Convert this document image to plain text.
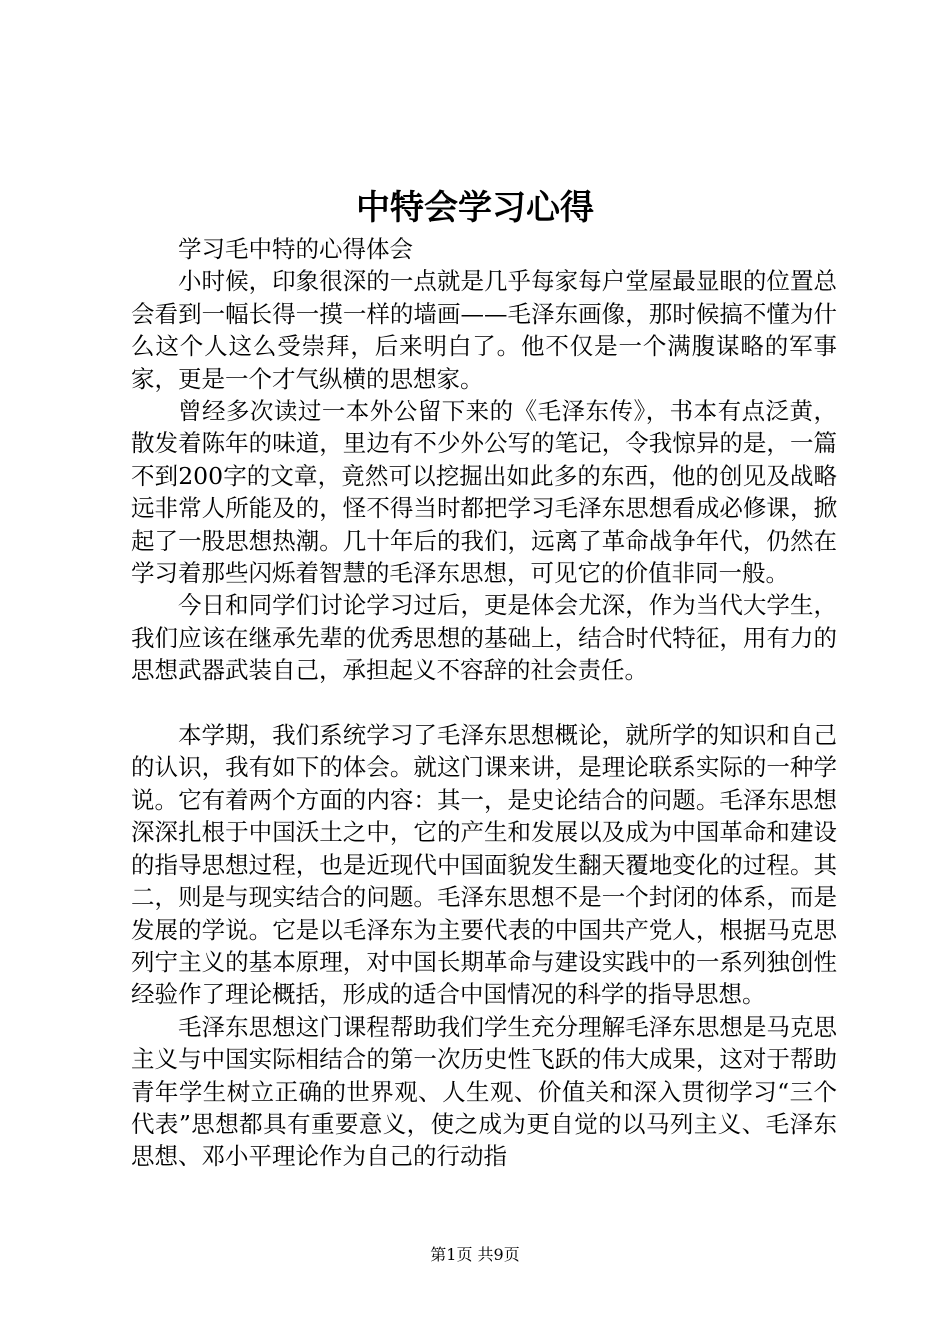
中特会学习心得

学习毛中特的心得体会

小时候，印象很深的一点就是几乎每家每户堂屋最显眼的位置总会看到一幅长得一摸一样的墙画——毛泽东画像，那时候搞不懂为什么这个人这么受崇拜，后来明白了。他不仅是一个满腹谋略的军事家，更是一个才气纵横的思想家。

曾经多次读过一本外公留下来的《毛泽东传》，书本有点泛黄，散发着陈年的味道，里边有不少外公写的笔记，令我惊异的是，一篇不到200字的文章，竟然可以挖掘出如此多的东西，他的创见及战略远非常人所能及的，怪不得当时都把学习毛泽东思想看成必修课，掀起了一股思想热潮。几十年后的我们，远离了革命战争年代，仍然在学习着那些闪烁着智慧的毛泽东思想，可见它的价值非同一般。

今日和同学们讨论学习过后，更是体会尤深，作为当代大学生，我们应该在继承先辈的优秀思想的基础上，结合时代特征，用有力的思想武器武装自己，承担起义不容辞的社会责任。

本学期，我们系统学习了毛泽东思想概论，就所学的知识和自己的认识，我有如下的体会。就这门课来讲，是理论联系实际的一种学说。它有着两个方面的内容：其一，是史论结合的问题。毛泽东思想深深扎根于中国沃土之中，它的产生和发展以及成为中国革命和建设的指导思想过程，也是近现代中国面貌发生翻天覆地变化的过程。其二，则是与现实结合的问题。毛泽东思想不是一个封闭的体系，而是发展的学说。它是以毛泽东为主要代表的中国共产党人，根据马克思列宁主义的基本原理，对中国长期革命与建设实践中的一系列独创性经验作了理论概括，形成的适合中国情况的科学的指导思想。

毛泽东思想这门课程帮助我们学生充分理解毛泽东思想是马克思主义与中国实际相结合的第一次历史性飞跃的伟大成果，这对于帮助青年学生树立正确的世界观、人生观、价值关和深入贯彻学习“三个代表”思想都具有重要意义，使之成为更自觉的以马列主义、毛泽东思想、邓小平理论作为自己的行动指

第1页 共9页
